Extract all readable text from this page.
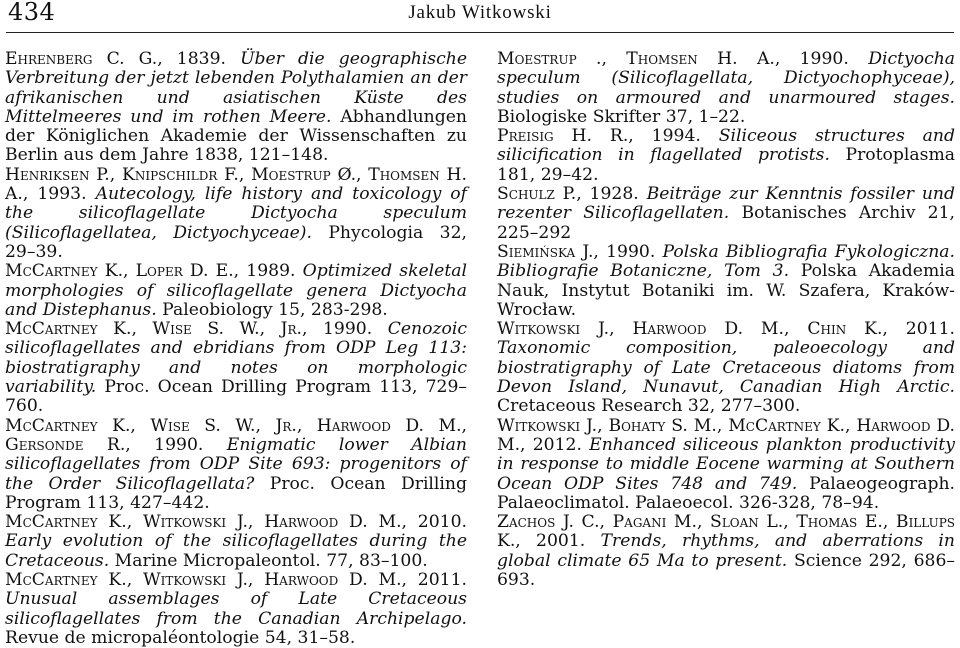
434	Jakub Witkowski

Ehrenberg C. G., 1839. Über die geographische Verbreitung der jetzt lebenden Polythalamien an der afrikanischen und asiatischen Küste des Mittelmeeres und im rothen Meere. Abhandlungen der Königlichen Akademie der Wissenschaften zu Berlin aus dem Jahre 1838, 121–148.

Henriksen P., Knipschildr F., Moestrup Ø., Thomsen H. A., 1993. Autecology, life history and toxicology of the silicoflagellate Dictyocha speculum (Silicoflagellatea, Dictyochyceae). Phycologia 32, 29–39.

McCartney K., Loper D. E., 1989. Optimized skeletal morphologies of silicoflagellate genera Dictyocha and Distephanus. Paleobiology 15, 283-298.

McCartney K., Wise S. W., Jr., 1990. Cenozoic silicoflagellates and ebridians from ODP Leg 113: biostratigraphy and notes on morphologic variability. Proc. Ocean Drilling Program 113, 729–760.

McCartney K., Wise S. W., Jr., Harwood D. M., Gersonde R., 1990. Enigmatic lower Albian silicoflagellates from ODP Site 693: progenitors of the Order Silicoflagellata? Proc. Ocean Drilling Program 113, 427–442.

McCartney K., Witkowski J., Harwood D. M., 2010. Early evolution of the silicoflagellates during the Cretaceous. Marine Micropaleontol. 77, 83–100.

McCartney K., Witkowski J., Harwood D. M., 2011. Unusual assemblages of Late Cretaceous silicoflagellates from the Canadian Archipelago. Revue de micropaléontologie 54, 31–58.

Moestrup ., Thomsen H. A., 1990. Dictyocha speculum (Silicoflagellata, Dictyochophyceae), studies on armoured and unarmoured stages. Biologiske Skrifter 37, 1–22.

Preisig H. R., 1994. Siliceous structures and silicification in flagellated protists. Protoplasma 181, 29–42.

Schulz P., 1928. Beiträge zur Kenntnis fossiler und rezenter Silicoflagellaten. Botanisches Archiv 21, 225–292

Siemińska J., 1990. Polska Bibliografia Fykologiczna. Bibliografie Botaniczne, Tom 3. Polska Akademia Nauk, Instytut Botaniki im. W. Szafera, Kraków-Wrocław.

Witkowski J., Harwood D. M., Chin K., 2011. Taxonomic composition, paleoecology and biostratigraphy of Late Cretaceous diatoms from Devon Island, Nunavut, Canadian High Arctic. Cretaceous Research 32, 277–300.

Witkowski J., Bohaty S. M., McCartney K., Harwood D. M., 2012. Enhanced siliceous plankton productivity in response to middle Eocene warming at Southern Ocean ODP Sites 748 and 749. Palaeogeograph. Palaeoclimatol. Palaeoecol. 326-328, 78–94.

Zachos J. C., Pagani M., Sloan L., Thomas E., Billups K., 2001. Trends, rhythms, and aberrations in global climate 65 Ma to present. Science 292, 686–693.
